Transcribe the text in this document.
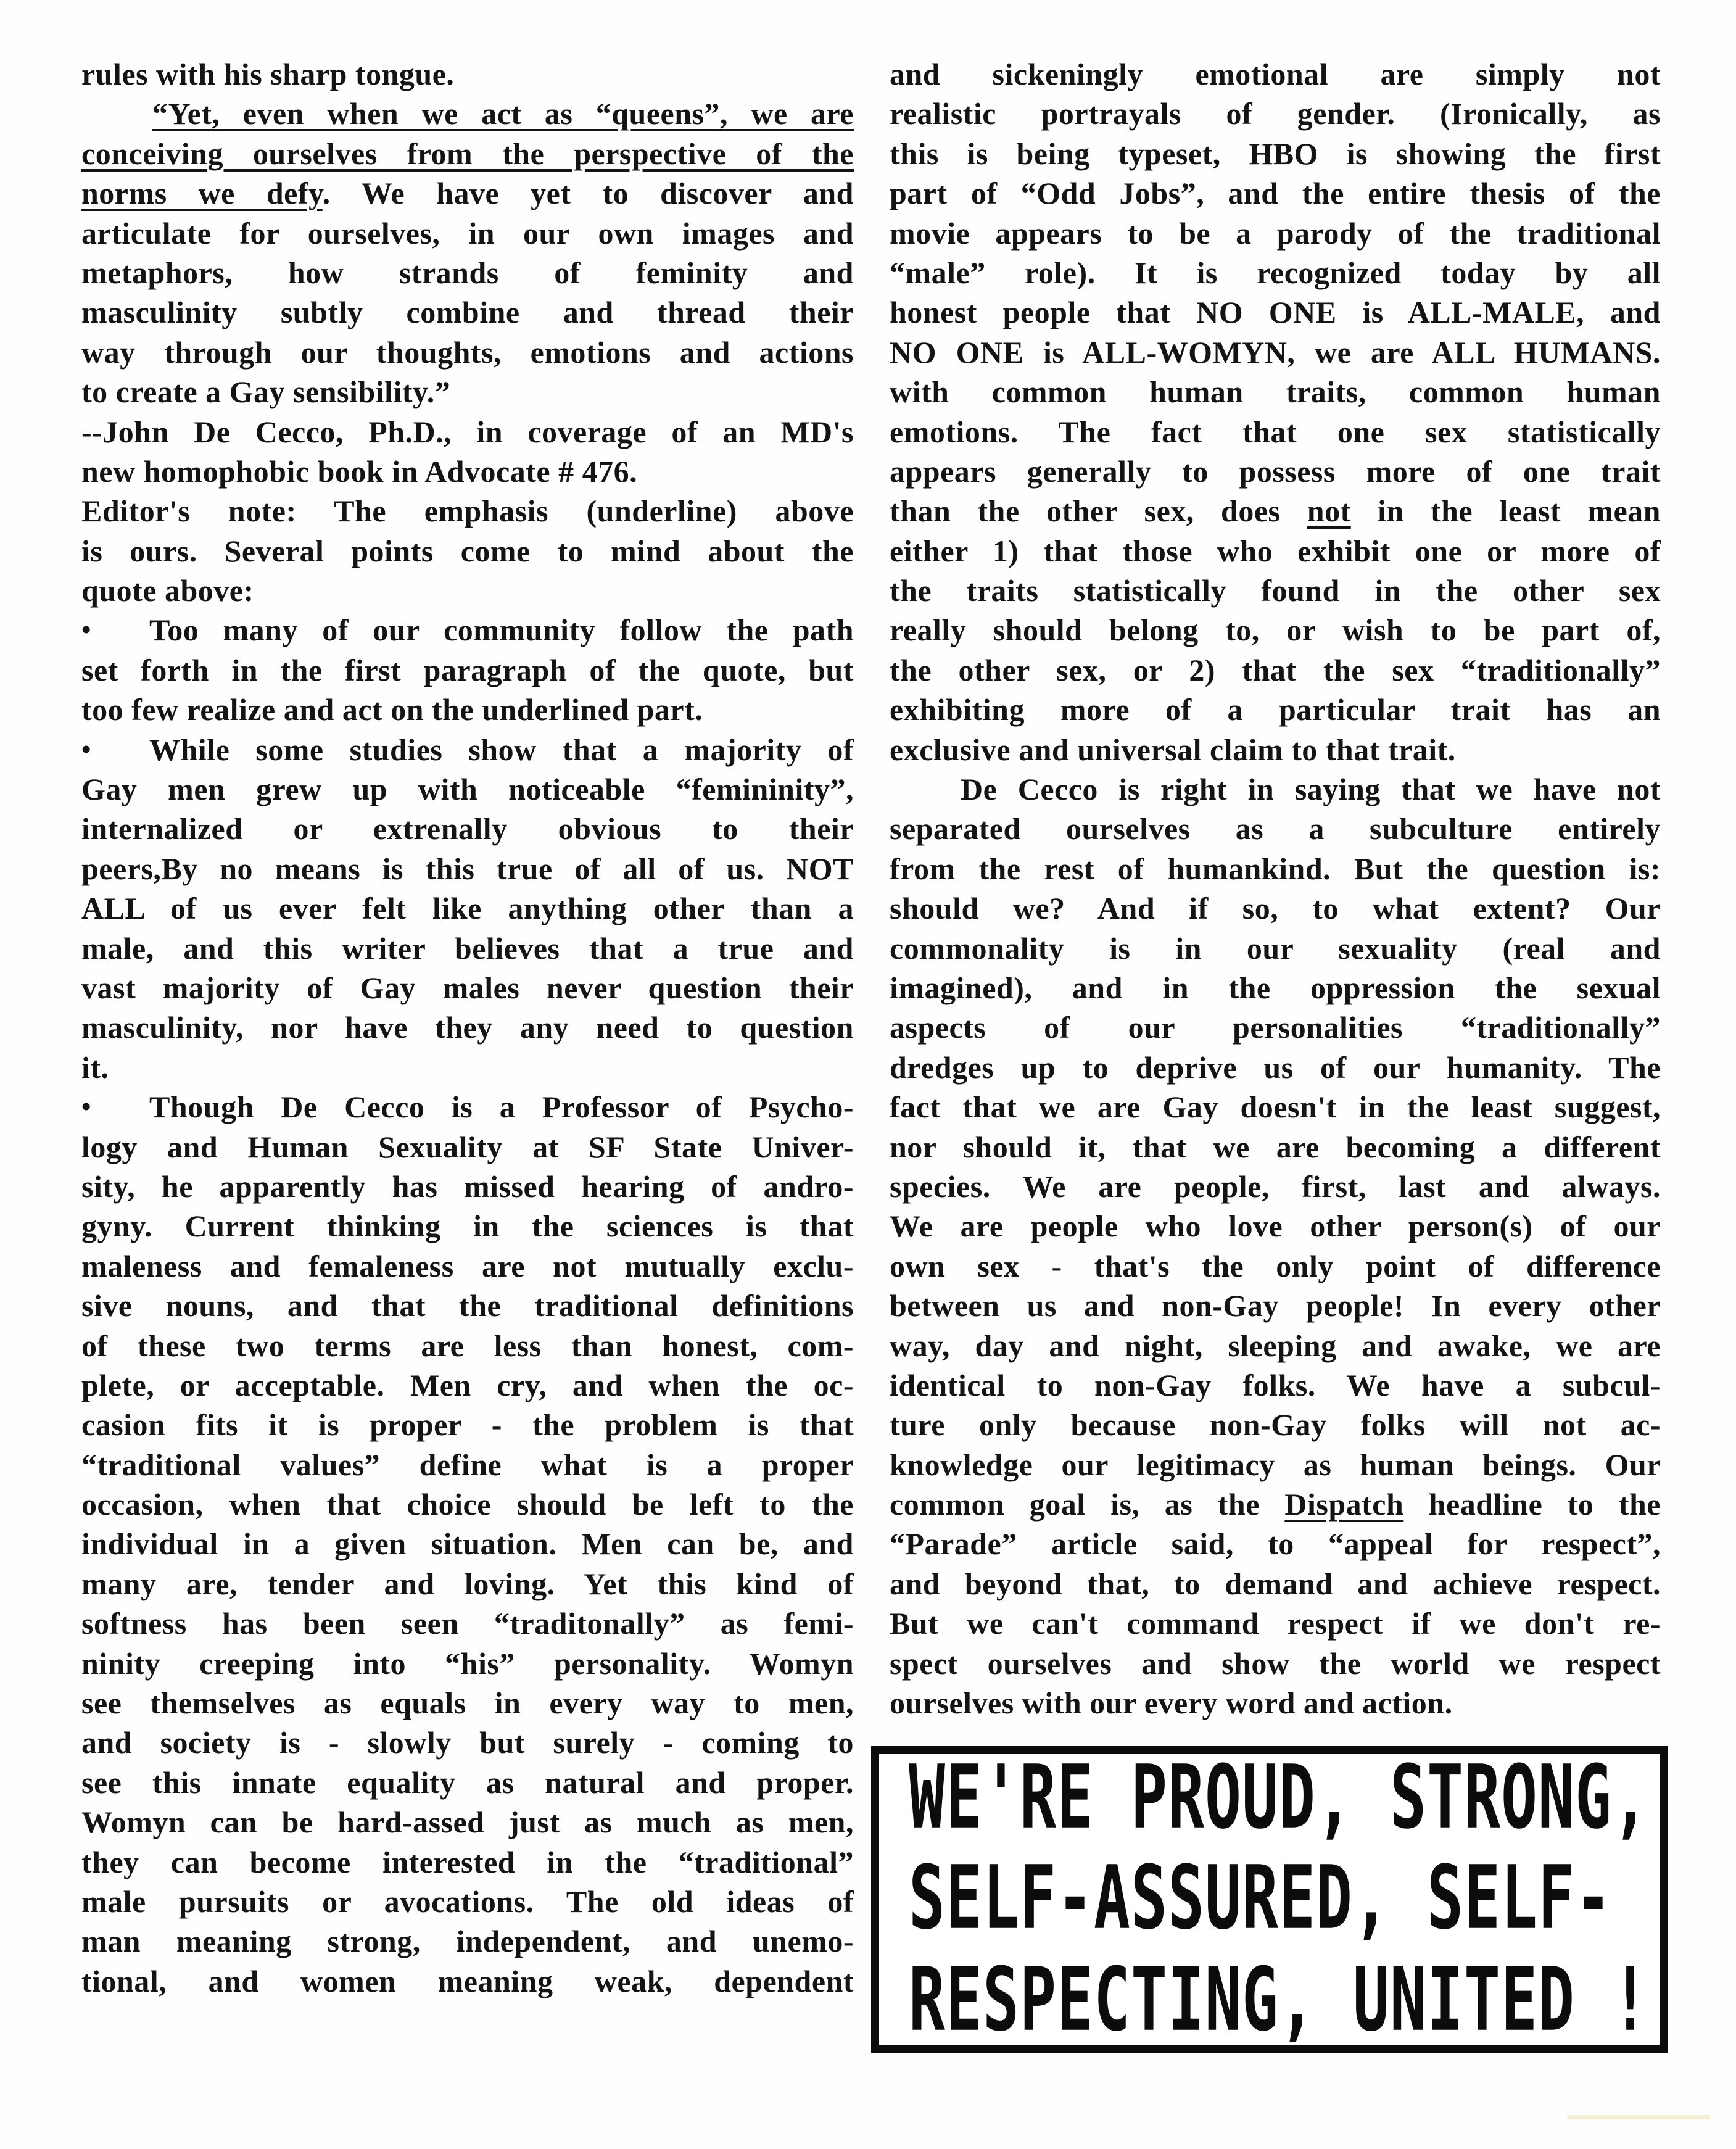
rules with his sharp tongue.
“Yet, even when we act as “queens”, we are
conceiving ourselves from the perspective of the
norms we defy. We have yet to discover and
articulate for ourselves, in our own images and
metaphors, how strands of feminity and
masculinity subtly combine and thread their
way through our thoughts, emotions and actions
to create a Gay sensibility.”
--John De Cecco, Ph.D., in coverage of an MD's
new homophobic book in Advocate # 476.
Editor's note: The emphasis (underline) above
is ours. Several points come to mind about the
quote above:
• Too many of our community follow the path
set forth in the first paragraph of the quote, but
too few realize and act on the underlined part.
• While some studies show that a majority of
Gay men grew up with noticeable “femininity”,
internalized or extrenally obvious to their
peers,By no means is this true of all of us. NOT
ALL of us ever felt like anything other than a
male, and this writer believes that a true and
vast majority of Gay males never question their
masculinity, nor have they any need to question
it.
• Though De Cecco is a Professor of Psycho-
logy and Human Sexuality at SF State Univer-
sity, he apparently has missed hearing of andro-
gyny. Current thinking in the sciences is that
maleness and femaleness are not mutually exclu-
sive nouns, and that the traditional definitions
of these two terms are less than honest, com-
plete, or acceptable. Men cry, and when the oc-
casion fits it is proper - the problem is that
“traditional values” define what is a proper
occasion, when that choice should be left to the
individual in a given situation. Men can be, and
many are, tender and loving. Yet this kind of
softness has been seen “traditonally” as femi-
ninity creeping into “his” personality. Womyn
see themselves as equals in every way to men,
and society is - slowly but surely - coming to
see this innate equality as natural and proper.
Womyn can be hard-assed just as much as men,
they can become interested in the “traditional”
male pursuits or avocations. The old ideas of
man meaning strong, independent, and unemo-
tional, and women meaning weak, dependent
and sickeningly emotional are simply not
realistic portrayals of gender. (Ironically, as
this is being typeset, HBO is showing the first
part of “Odd Jobs”, and the entire thesis of the
movie appears to be a parody of the traditional
“male” role). It is recognized today by all
honest people that NO ONE is ALL-MALE, and
NO ONE is ALL-WOMYN, we are ALL HUMANS.
with common human traits, common human
emotions. The fact that one sex statistically
appears generally to possess more of one trait
than the other sex, does not in the least mean
either 1) that those who exhibit one or more of
the traits statistically found in the other sex
really should belong to, or wish to be part of,
the other sex, or 2) that the sex “traditionally”
exhibiting more of a particular trait has an
exclusive and universal claim to that trait.
De Cecco is right in saying that we have not
separated ourselves as a subculture entirely
from the rest of humankind. But the question is:
should we? And if so, to what extent? Our
commonality is in our sexuality (real and
imagined), and in the oppression the sexual
aspects of our personalities “traditionally”
dredges up to deprive us of our humanity. The
fact that we are Gay doesn't in the least suggest,
nor should it, that we are becoming a different
species. We are people, first, last and always.
We are people who love other person(s) of our
own sex - that's the only point of difference
between us and non-Gay people! In every other
way, day and night, sleeping and awake, we are
identical to non-Gay folks. We have a subcul-
ture only because non-Gay folks will not ac-
knowledge our legitimacy as human beings. Our
common goal is, as the Dispatch headline to the
“Parade” article said, to “appeal for respect”,
and beyond that, to demand and achieve respect.
But we can't command respect if we don't re-
spect ourselves and show the world we respect
ourselves with our every word and action.
WE'RE PROUD, STRONG,
SELF-ASSURED, SELF-
RESPECTING, UNITED !
